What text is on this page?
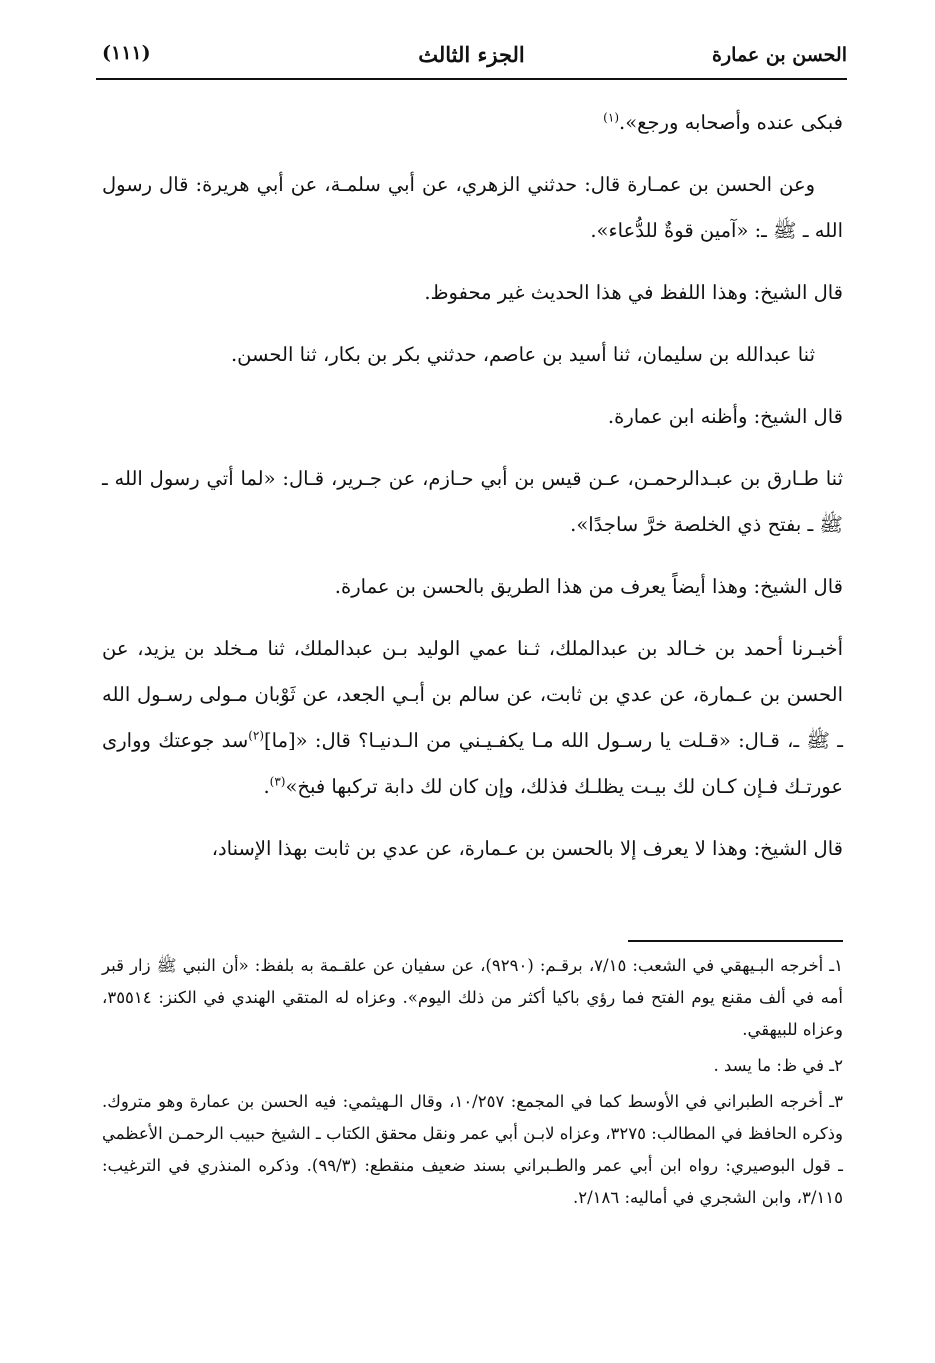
الحسن بن عمارة
الجزء الثالث
(١١١)

فبكى عنده وأصحابه ورجع».$^{(١)}$

وعن الحسن بن عمـارة قال: حدثني الزهري، عن أبي سلمـة، عن أبي هريرة: قال رسول الله ـ ﷺ ـ: «آمين قوةٌ للدُّعاء».

قال الشيخ: وهذا اللفظ في هذا الحديث غير محفوظ.

ثنا عبدالله بن سليمان، ثنا أسيد بن عاصم، حدثني بكر بن بكار، ثنا الحسن.

قال الشيخ: وأظنه ابن عمارة.

ثنا طـارق بن عبـدالرحمـن، عـن قيس بن أبي حـازم، عن جـرير، قـال: «لما أتي رسول الله ـ ﷺ ـ بفتح ذي الخلصة خرَّ ساجدًا».

قال الشيخ: وهذا أيضاً يعرف من هذا الطريق بالحسن بن عمارة.

أخبـرنا أحمد بن خـالد بن عبدالملك، ثـنا عمي الوليد بـن عبدالملك، ثنا مـخلد بن يزيد، عن الحسن بن عـمارة، عن عدي بن ثابت، عن سالم بن أبـي الجعد، عن ثَوْبان مـولى رسـول الله ـ ﷺ ـ، قـال: «قـلت يا رسـول الله مـا يكفـيـني من الـدنيـا؟ قال: «[ما]$^{(٢)}$سد جوعتك ووارى عورتـك فـإن كـان لك بيـت يظلـك فذلك، وإن كان لك دابة تركبها فبخ»$^{(٣)}$.

قال الشيخ: وهذا لا يعرف إلا بالحسن بن عـمارة، عن عدي بن ثابت بهذا الإسناد،

١ـ أخرجه البـيهقي في الشعب: ٧/١٥، برقـم: (٩٢٩٠)، عن سفيان عن علقـمة به بلفظ: «أن النبي ﷺ زار قبر أمه في ألف مقنع يوم الفتح فما رؤي باكيا أكثر من ذلك اليوم». وعزاه له المتقي الهندي في الكنز: ٣٥٥١٤، وعزاه للبيهقي.

٢ـ في ظ: ما يسد .

٣ـ أخرجه الطبراني في الأوسط كما في المجمع: ١٠/٢٥٧، وقال الـهيثمي: فيه الحسن بن عمارة وهو متروك. وذكره الحافظ في المطالب: ٣٢٧٥، وعزاه لابـن أبي عمر ونقل محقق الكتاب ـ الشيخ حبيب الرحمـن الأعظمي ـ قول البوصيري: رواه ابن أبي عمر والطـبراني بسند ضعيف منقطع: (٩٩/٣). وذكره المنذري في الترغيب: ٣/١١٥، وابن الشجري في أماليه: ٢/١٨٦.
